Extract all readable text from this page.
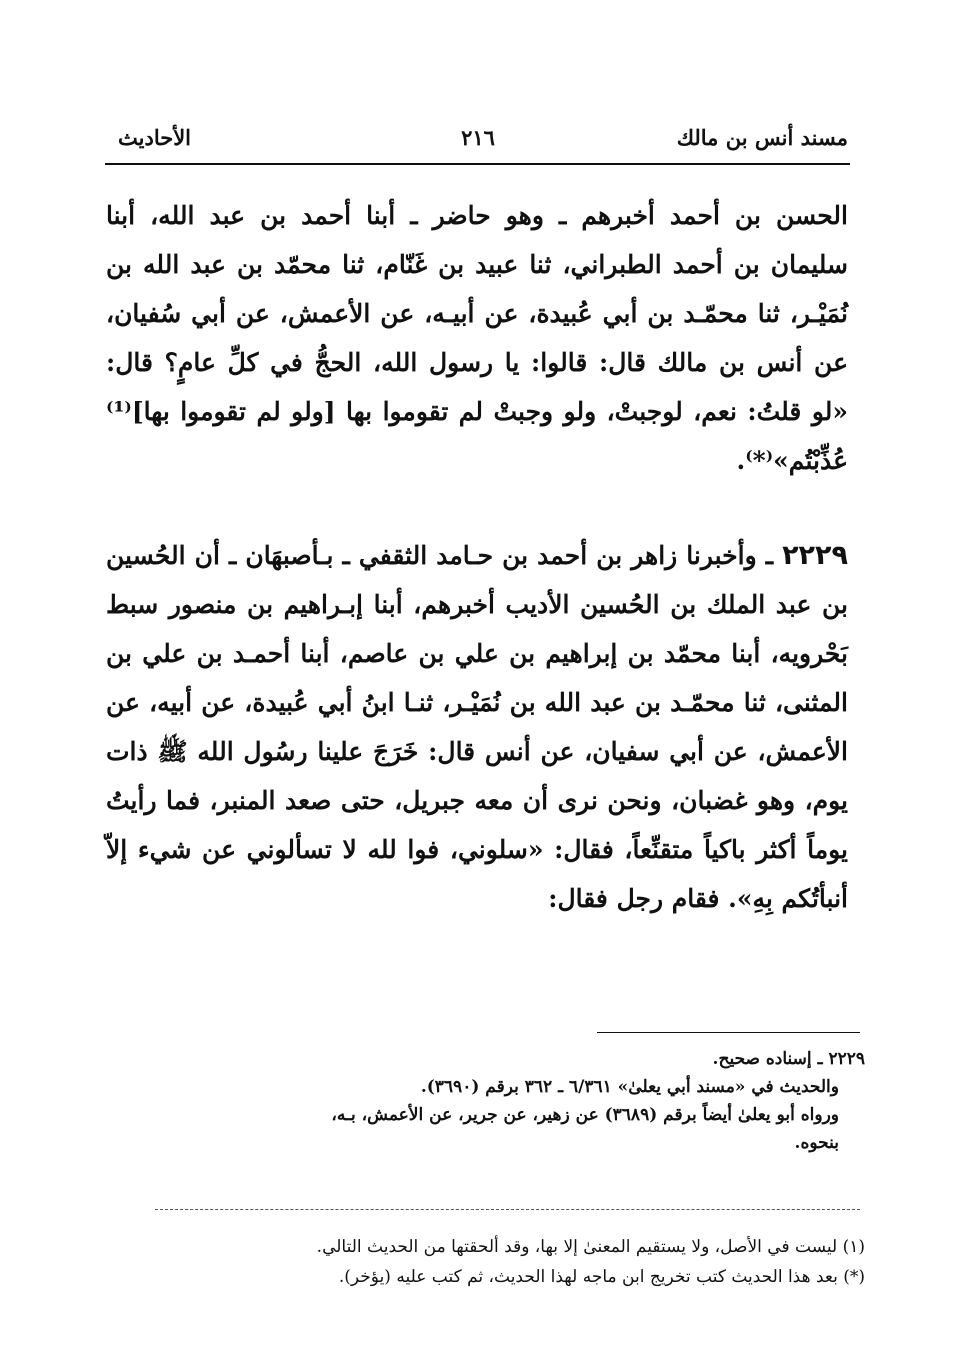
مسند أنس بن مالك
٢١٦
الأحاديث
الحسن بن أحمد أخبرهم ـ وهو حاضر ـ أبنا أحمد بن عبد الله، أبنا سليمان بن أحمد الطبراني، ثنا عبيد بن غَنّام، ثنا محمّد بن عبد الله بن نُمَيْـر، ثنا محمّـد بن أبي عُبيدة، عن أبيـه، عن الأعمش، عن أبي سُفيان، عن أنس بن مالك قال: قالوا: يا رسول الله، الحجُّ في كلِّ عامٍ؟ قال: «لو قلتُ: نعم، لوجبتْ، ولو وجبتْ لم تقوموا بها [ولو لم تقوموا بها]⁽¹⁾ عُذِّبْتُم»⁽*⁾.
٢٢٢٩ ـ وأخبرنا زاهر بن أحمد بن حـامد الثقفي ـ بـأصبهَان ـ أن الحُسين بن عبد الملك بن الحُسين الأديب أخبرهم، أبنا إبـراهيم بن منصور سبط بَحْرويه، أبنا محمّد بن إبراهيم بن علي بن عاصم، أبنا أحمـد بن علي بن المثنى، ثنا محمّـد بن عبد الله بن نُمَيْـر، ثنـا ابنُ أبي عُبيدة، عن أبيه، عن الأعمش، عن أبي سفيان، عن أنس قال: خَرَجَ علينا رسُول الله ﷺ ذات يوم، وهو غضبان، ونحن نرى أن معه جبريل، حتى صعد المنبر، فما رأيتُ يوماً أكثر باكياً متقنِّعاً، فقال: «سلوني، فوا لله لا تسألوني عن شيء إلاّ أنبأتُكم بِهِ». فقام رجل فقال:
٢٢٢٩ ـ إسناده صحيح.
والحديث في «مسند أبي يعلىٰ» ٦/٣٦١ ـ ٣٦٢ برقم (٣٦٩٠).
ورواه أبو يعلىٰ أيضاً برقم (٣٦٨٩) عن زهير، عن جرير، عن الأعمش، بـه،
بنحوه.
(١) ليست في الأصل، ولا يستقيم المعنىٰ إلا بها، وقد ألحقتها من الحديث التالي.
(*) بعد هذا الحديث كتب تخريج ابن ماجه لهذا الحديث، ثم كتب عليه (يؤخر).
